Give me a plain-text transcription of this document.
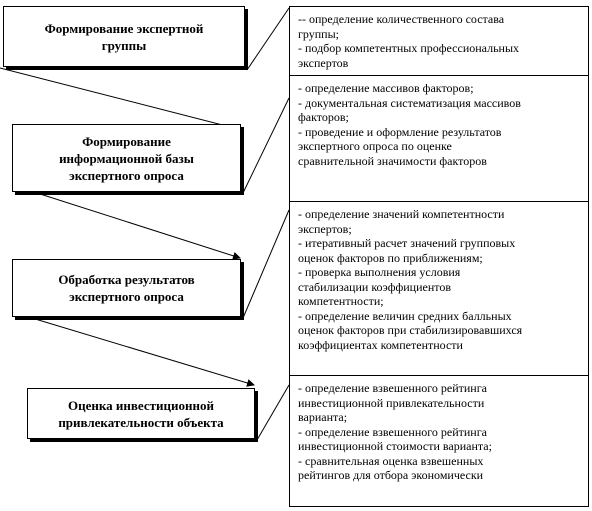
Формирование экспертной
группы
Формирование
информационной базы
экспертного опроса
Обработка результатов
экспертного опроса
Оценка инвестиционной
привлекательности объекта
-- определение количественного состава
группы;
- подбор компетентных профессиональных
экспертов
- определение массивов факторов;
- документальная систематизация массивов
факторов;
- проведение и оформление результатов
экспертного опроса по оценке
сравнительной значимости факторов
- определение значений компетентности
экспертов;
- итеративный расчет значений групповых
оценок факторов по приближениям;
- проверка выполнения условия
стабилизации коэффициентов
компетентности;
- определение величин средних балльных
оценок факторов при стабилизировавшихся
коэффициентах компетентности
- определение взвешенного рейтинга
инвестиционной привлекательности
варианта;
- определение взвешенного рейтинга
инвестиционной стоимости варианта;
- сравнительная оценка взвешенных
рейтингов для отбора экономически
